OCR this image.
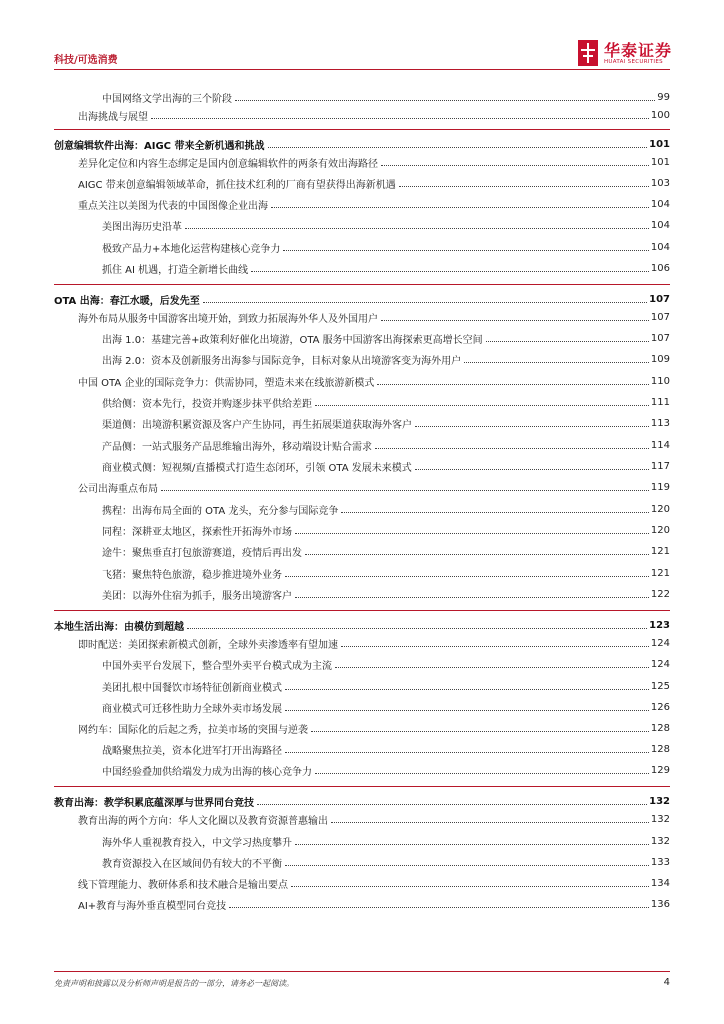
科技/可选消费
华泰证券
HUATAI SECURITIES
中国网络文学出海的三个阶段	99
出海挑战与展望	100
创意编辑软件出海：AIGC 带来全新机遇和挑战	101
差异化定位和内容生态绑定是国内创意编辑软件的两条有效出海路径	101
AIGC 带来创意编辑领域革命，抓住技术红利的厂商有望获得出海新机遇	103
重点关注以美图为代表的中国图像企业出海	104
美图出海历史沿革	104
极致产品力+本地化运营构建核心竞争力	104
抓住 AI 机遇，打造全新增长曲线	106
OTA 出海：春江水暖，后发先至	107
海外布局从服务中国游客出境开始，到致力拓展海外华人及外国用户	107
出海 1.0：基建完善+政策利好催化出境游，OTA 服务中国游客出海探索更高增长空间	107
出海 2.0：资本及创新服务出海参与国际竞争，目标对象从出境游客变为海外用户	109
中国 OTA 企业的国际竞争力：供需协同，塑造未来在线旅游新模式	110
供给侧：资本先行，投资并购逐步抹平供给差距	111
渠道侧：出境游积累资源及客户产生协同，再生拓展渠道获取海外客户	113
产品侧：一站式服务产品思维输出海外，移动端设计贴合需求	114
商业模式侧：短视频/直播模式打造生态闭环，引领 OTA 发展未来模式	117
公司出海重点布局	119
携程：出海布局全面的 OTA 龙头，充分参与国际竞争	120
同程：深耕亚太地区，探索性开拓海外市场	120
途牛：聚焦垂直打包旅游赛道，疫情后再出发	121
飞猪：聚焦特色旅游，稳步推进境外业务	121
美团：以海外住宿为抓手，服务出境游客户	122
本地生活出海：由模仿到超越	123
即时配送：美团探索新模式创新，全球外卖渗透率有望加速	124
中国外卖平台发展下，整合型外卖平台模式成为主流	124
美团扎根中国餐饮市场特征创新商业模式	125
商业模式可迁移性助力全球外卖市场发展	126
网约车：国际化的后起之秀，拉美市场的突围与逆袭	128
战略聚焦拉美，资本化进军打开出海路径	128
中国经验叠加供给端发力成为出海的核心竞争力	129
教育出海：教学积累底蕴深厚与世界同台竞技	132
教育出海的两个方向：华人文化圈以及教育资源普惠输出	132
海外华人重视教育投入，中文学习热度攀升	132
教育资源投入在区域间仍有较大的不平衡	133
线下管理能力、教研体系和技术融合是输出要点	134
AI+教育与海外垂直模型同台竞技	136
免责声明和披露以及分析师声明是报告的一部分，请务必一起阅读。	4
